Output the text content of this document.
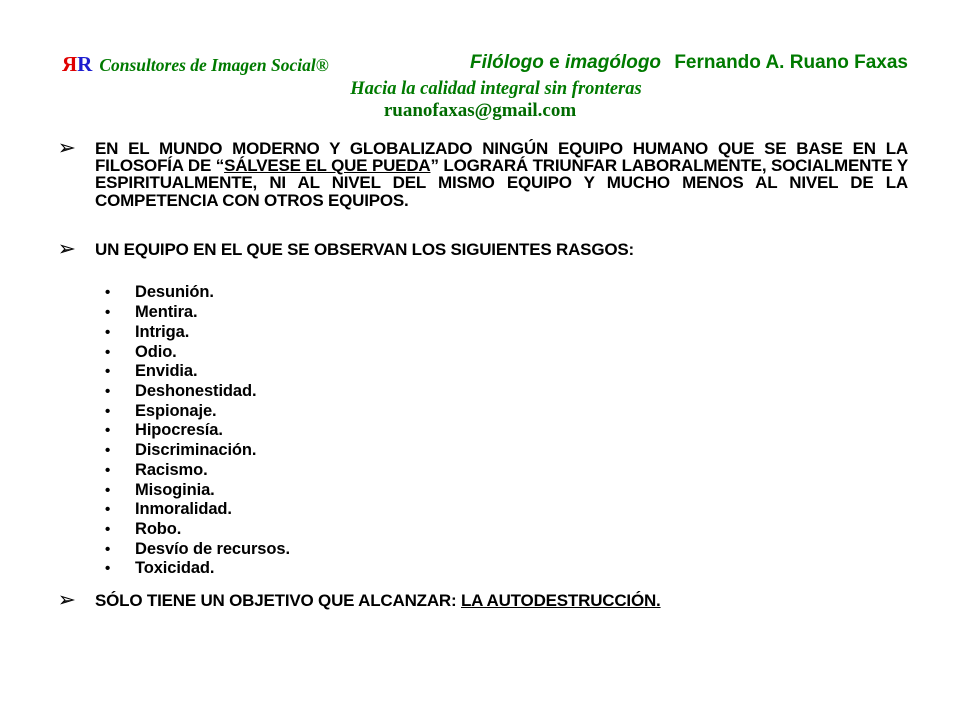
ЯR Consultores de Imagen Social®	Filólogo e imagólogo Fernando A. Ruano Faxas
Hacia la calidad integral sin fronteras
ruanofaxas@gmail.com
EN EL MUNDO MODERNO Y GLOBALIZADO NINGÚN EQUIPO HUMANO QUE SE BASE EN LA FILOSOFÍA DE “SÁLVESE EL QUE PUEDA” LOGRARÁ TRIUNFAR LABORALMENTE, SOCIALMENTE Y ESPIRITUALMENTE, NI AL NIVEL DEL MISMO EQUIPO Y MUCHO MENOS AL NIVEL DE LA COMPETENCIA CON OTROS EQUIPOS.
UN EQUIPO EN EL QUE SE OBSERVAN LOS SIGUIENTES RASGOS:
•	Desunión.
•	Mentira.
•	Intriga.
•	Odio.
•	Envidia.
•	Deshonestidad.
•	Espionaje.
•	Hipocresía.
•	Discriminación.
•	Racismo.
•	Misoginia.
•	Inmoralidad.
•	Robo.
•	Desvío de recursos.
•	Toxicidad.
SÓLO TIENE UN OBJETIVO QUE ALCANZAR: LA AUTODESTRUCCIÓN.
